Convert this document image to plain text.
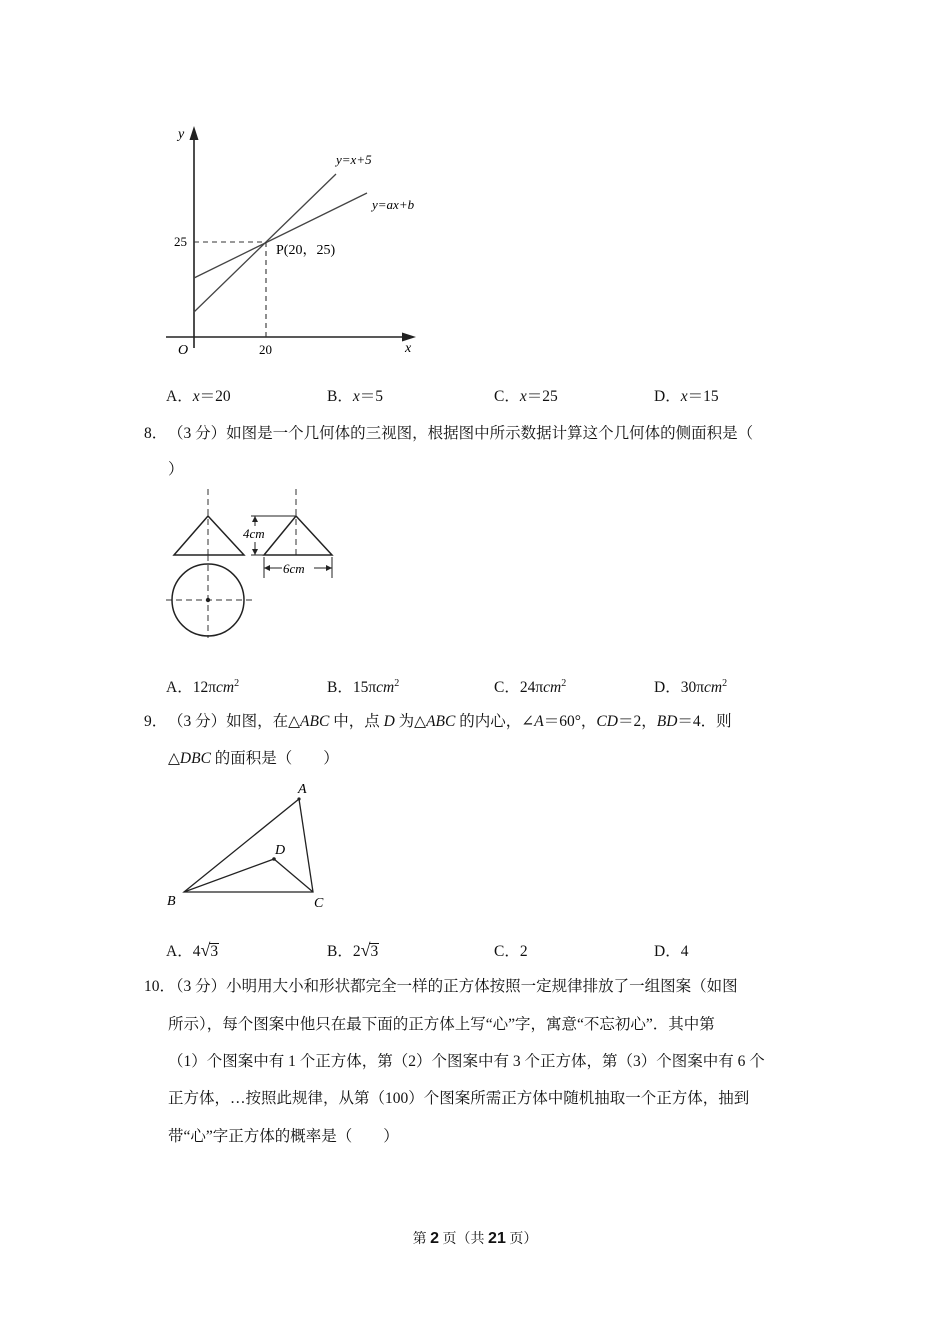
y
x
O
25
20
y=x+5
y=ax+b
P(20，25)
A．x＝20	B．x＝5	C．x＝25	D．x＝15
8． （3 分）如图是一个几何体的三视图，根据图中所示数据计算这个几何体的侧面积是（
）
4cm
6cm
A．12πcm$^2$	B．15πcm$^2$	C．24πcm$^2$	D．30πcm$^2$
9． （3 分）如图，在△ABC 中，点 D 为△ABC 的内心，∠A＝60°，CD＝2，BD＝4．则
△DBC 的面积是（　　）
A
B	C
D
A．4√3	B．2√3	C．2	D．4
10．
（3 分）小明用大小和形状都完全一样的正方体按照一定规律排放了一组图案（如图
所示），每个图案中他只在最下面的正方体上写“心”字，寓意“不忘初心”．其中第
（1）个图案中有 1 个正方体，第（2）个图案中有 3 个正方体，第（3）个图案中有 6 个
正方体，…按照此规律，从第（100）个图案所需正方体中随机抽取一个正方体，抽到
带“心”字正方体的概率是（　　）
第 2 页（共 21 页）
